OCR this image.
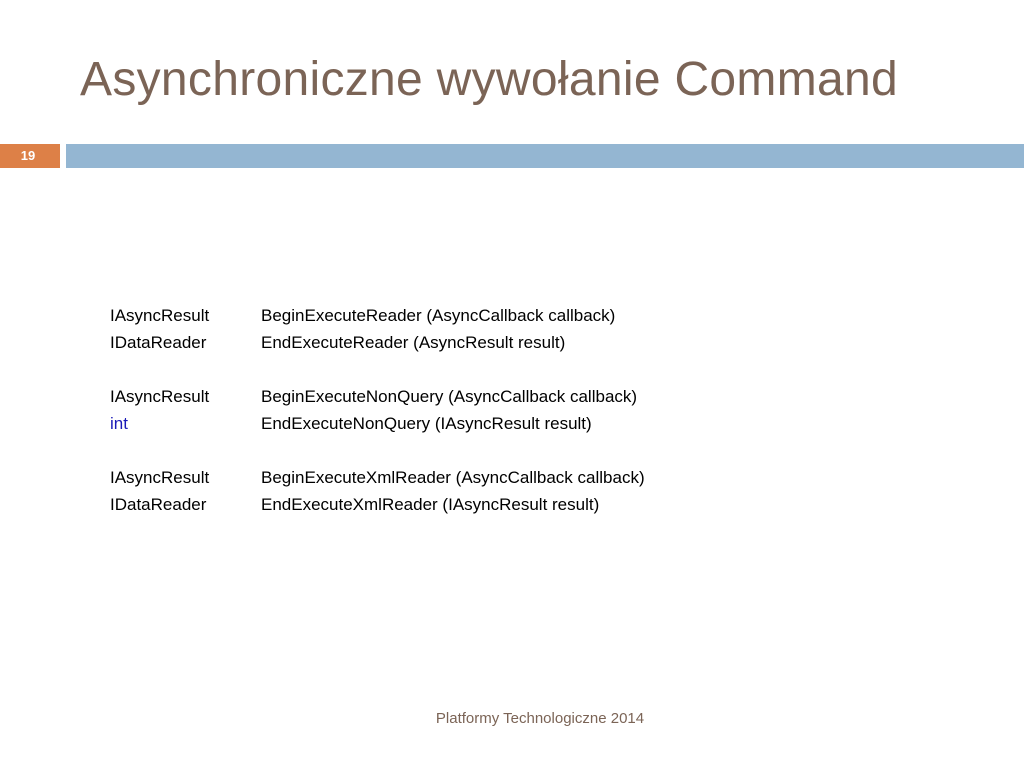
Asynchroniczne wywołanie Command
19
IAsyncResult	BeginExecuteReader (AsyncCallback callback)
IDataReader	EndExecuteReader (AsyncResult result)
IAsyncResult	BeginExecuteNonQuery (AsyncCallback callback)
int	EndExecuteNonQuery (IAsyncResult result)
IAsyncResult	BeginExecuteXmlReader (AsyncCallback callback)
IDataReader	EndExecuteXmlReader (IAsyncResult result)
Platformy Technologiczne 2014
